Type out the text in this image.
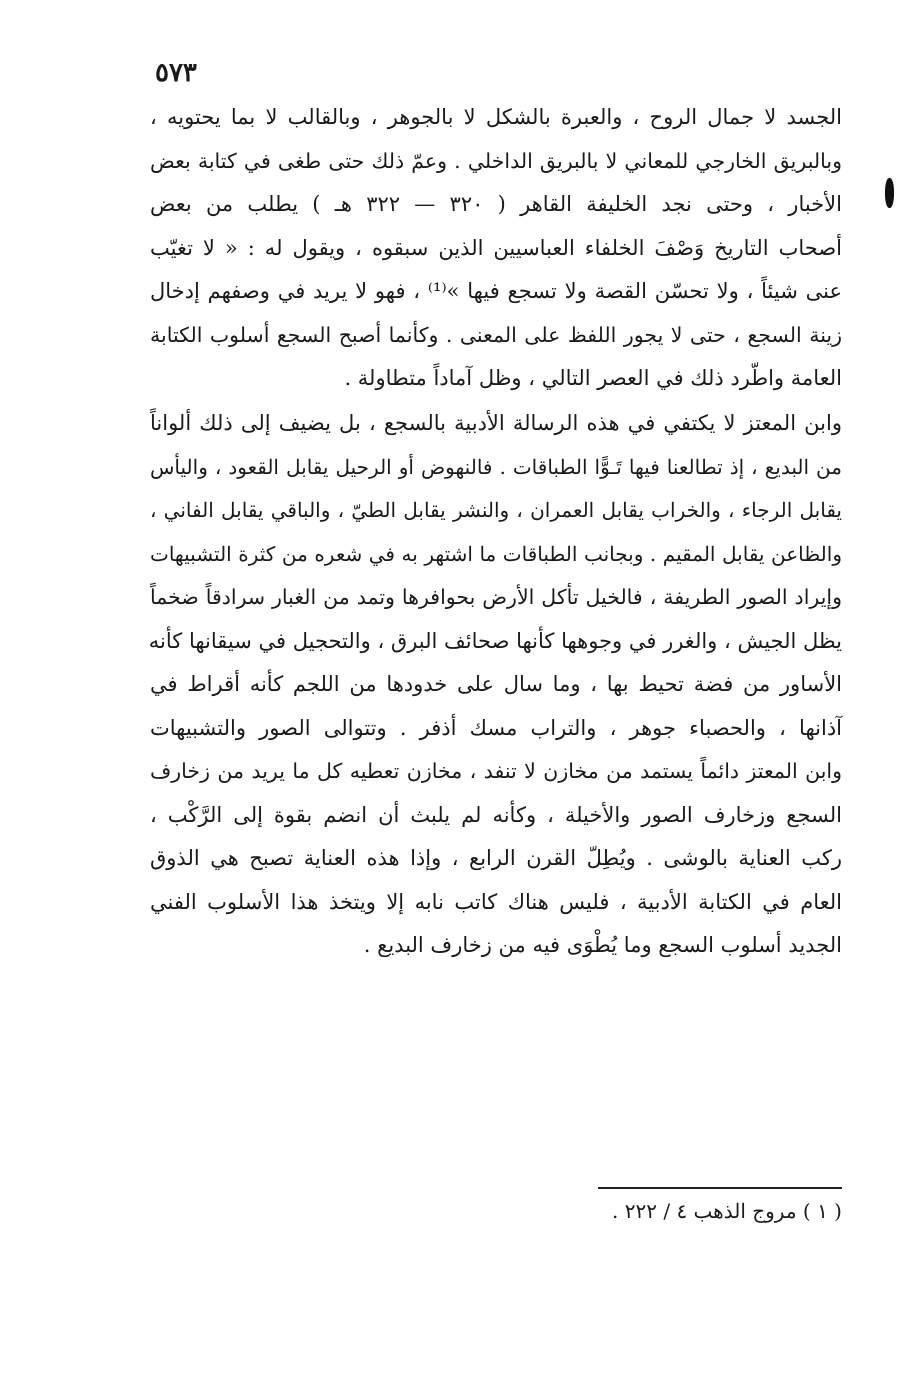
٥٧٣
الجسد لا جمال الروح ، والعبرة بالشكل لا بالجوهر ، وبالقالب لا بما يحتويه ،
وبالبريق الخارجي للمعاني لا بالبريق الداخلي . وعمّ ذلك حتى طغى في كتابة بعض
الأخبار ، وحتى نجد الخليفة القاهر ( ٣٢٠ — ٣٢٢ هـ ) يطلب من بعض
أصحاب التاريخ وَصْفَ الخلفاء العباسيين الذين سبقوه ، ويقول له : « لا تغيّب
عنى شيئاً ، ولا تحسّن القصة ولا تسجع فيها »⁽¹⁾ ، فهو لا يريد في وصفهم إدخال
زينة السجع ، حتى لا يجور اللفظ على المعنى . وكأنما أصبح السجع أسلوب الكتابة
العامة واطّرد ذلك في العصر التالي ، وظل آماداً متطاولة .
وابن المعتز لا يكتفي في هذه الرسالة الأدبية بالسجع ، بل يضيف إلى ذلك ألواناً
من البديع ، إذ تطالعنا فيها تَـوًّا الطباقات . فالنهوض أو الرحيل يقابل القعود ، واليأس
يقابل الرجاء ، والخراب يقابل العمران ، والنشر يقابل الطيّ ، والباقي يقابل الفاني ،
والظاعن يقابل المقيم . وبجانب الطباقات ما اشتهر به في شعره من كثرة التشبيهات
وإيراد الصور الطريفة ، فالخيل تأكل الأرض بحوافرها وتمد من الغبار سرادقاً ضخماً
يظل الجيش ، والغرر في وجوهها كأنها صحائف البرق ، والتحجيل في سيقانها كأنه
الأساور من فضة تحيط بها ، وما سال على خدودها من اللجم كأنه أقراط في
آذانها ، والحصباء جوهر ، والتراب مسك أذفر . وتتوالى الصور والتشبيهات
وابن المعتز دائماً يستمد من مخازن لا تنفد ، مخازن تعطيه كل ما يريد من زخارف
السجع وزخارف الصور والأخيلة ، وكأنه لم يلبث أن انضم بقوة إلى الرَّكْب ،
ركب العناية بالوشى . ويُطِلّ القرن الرابع ، وإذا هذه العناية تصبح هي الذوق
العام في الكتابة الأدبية ، فليس هناك كاتب نابه إلا ويتخذ هذا الأسلوب الفني
الجديد أسلوب السجع وما يُطْوَى فيه من زخارف البديع .
( ١ ) مروج الذهب ٤ / ٢٢٢ .
